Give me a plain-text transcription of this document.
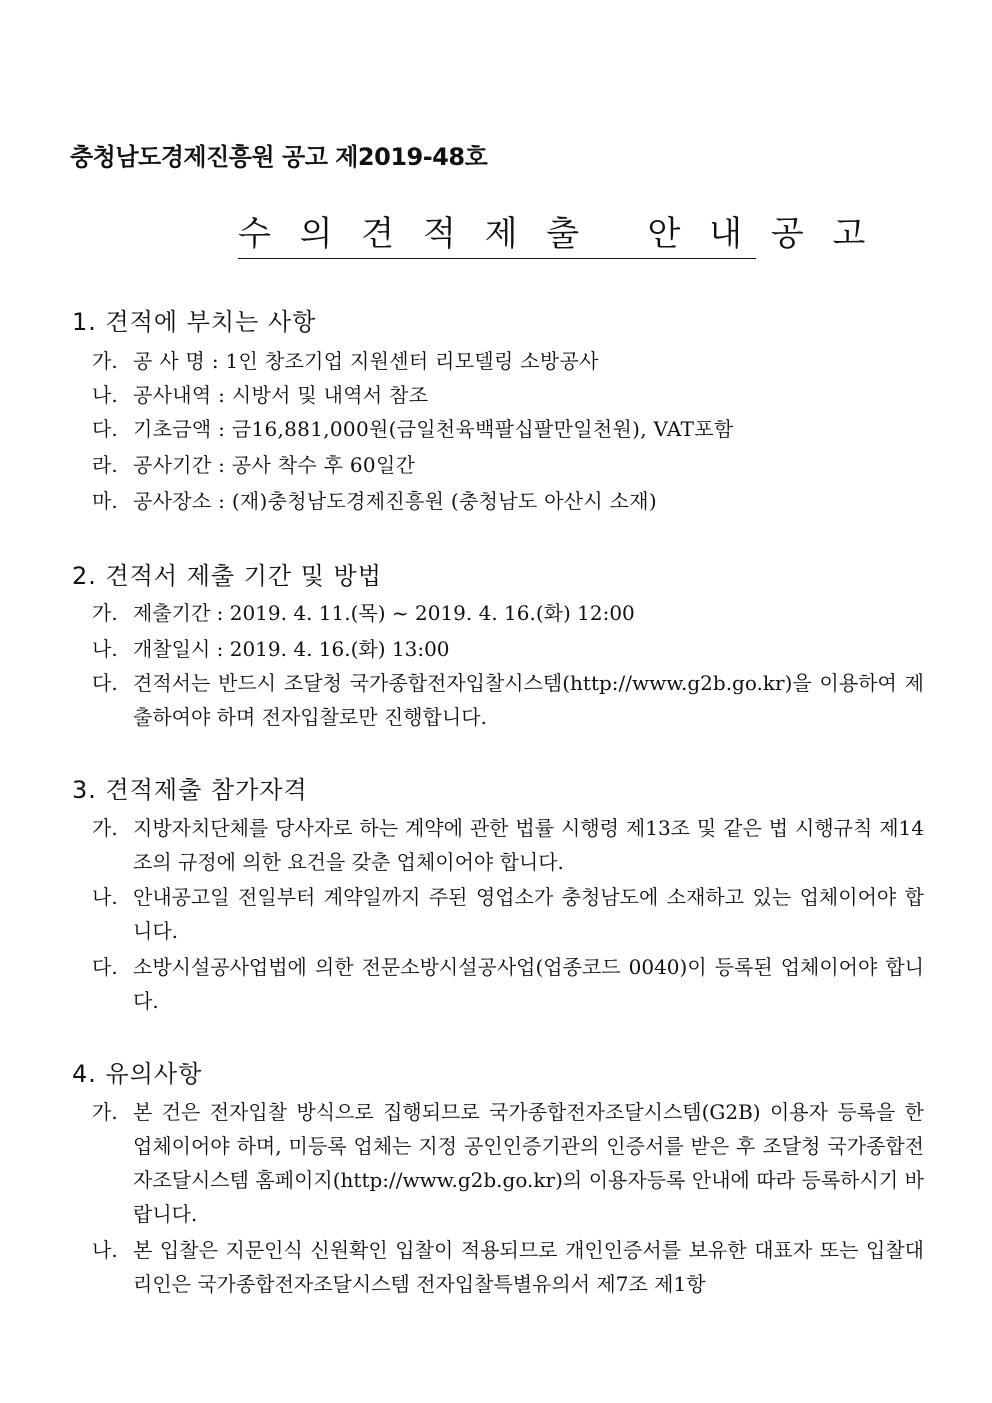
충청남도경제진흥원 공고 제2019-48호
수 의 견 적 제 출   안 내 공 고
1. 견적에 부치는 사항
가. 공 사 명 : 1인 창조기업 지원센터 리모델링 소방공사
나. 공사내역 : 시방서 및 내역서 참조
다. 기초금액 : 금16,881,000원(금일천육백팔십팔만일천원), VAT포함
라. 공사기간 : 공사 착수 후 60일간
마. 공사장소 : (재)충청남도경제진흥원 (충청남도 아산시 소재)
2. 견적서 제출 기간 및 방법
가. 제출기간 : 2019. 4. 11.(목) ~ 2019. 4. 16.(화) 12:00
나. 개찰일시 : 2019. 4. 16.(화) 13:00
다. 견적서는 반드시 조달청 국가종합전자입찰시스템(http://www.g2b.go.kr)을 이용하여 제출하여야 하며 전자입찰로만 진행합니다.
3. 견적제출 참가자격
가. 지방자치단체를 당사자로 하는 계약에 관한 법률 시행령 제13조 및 같은 법 시행규칙 제14조의 규정에 의한 요건을 갖춘 업체이어야 합니다.
나. 안내공고일 전일부터 계약일까지 주된 영업소가 충청남도에 소재하고 있는 업체이어야 합니다.
다. 소방시설공사업법에 의한 전문소방시설공사업(업종코드 0040)이 등록된 업체이어야 합니다.
4. 유의사항
가. 본 건은 전자입찰 방식으로 집행되므로 국가종합전자조달시스템(G2B) 이용자 등록을 한 업체이어야 하며, 미등록 업체는 지정 공인인증기관의 인증서를 받은 후 조달청 국가종합전자조달시스템 홈페이지(http://www.g2b.go.kr)의 이용자등록 안내에 따라 등록하시기 바랍니다.
나. 본 입찰은 지문인식 신원확인 입찰이 적용되므로 개인인증서를 보유한 대표자 또는 입찰대리인은 국가종합전자조달시스템 전자입찰특별유의서 제7조 제1항
